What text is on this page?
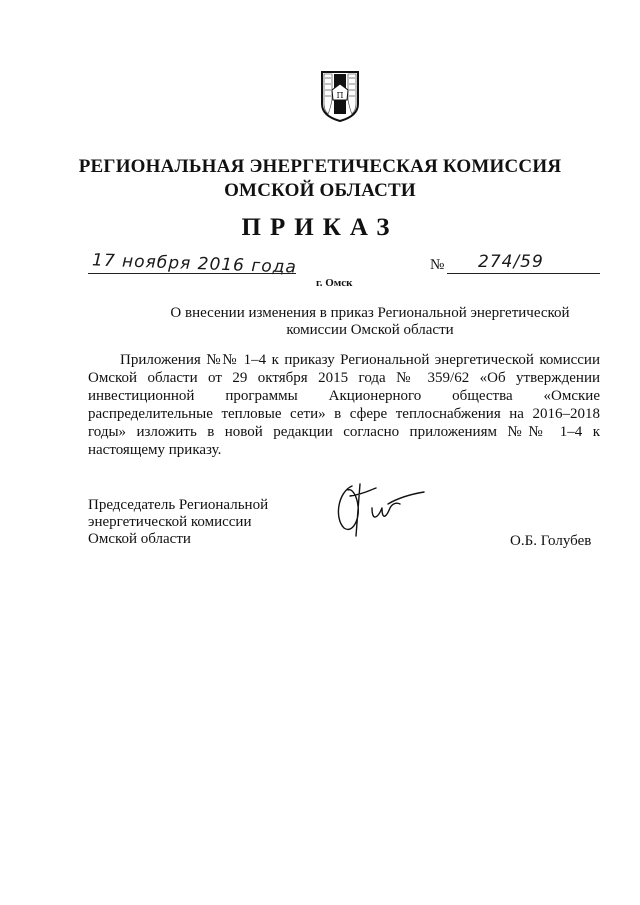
П
РЕГИОНАЛЬНАЯ ЭНЕРГЕТИЧЕСКАЯ КОМИССИЯ
ОМСКОЙ ОБЛАСТИ
ПРИКАЗ
17 ноября 2016 года
г. Омск
№ 274/59
О внесении изменения в приказ Региональной энергетической
комиссии Омской области
Приложения №№ 1–4 к приказу Региональной энергетической комиссии Омской области от 29 октября 2015 года № 359/62 «Об утверждении инвестиционной программы Акционерного общества «Омские распределительные тепловые сети» в сфере теплоснабжения на 2016–2018 годы» изложить в новой редакции согласно приложениям №№ 1–4 к настоящему приказу.
Председатель Региональной
энергетической комиссии
Омской области	О.Б. Голубев
